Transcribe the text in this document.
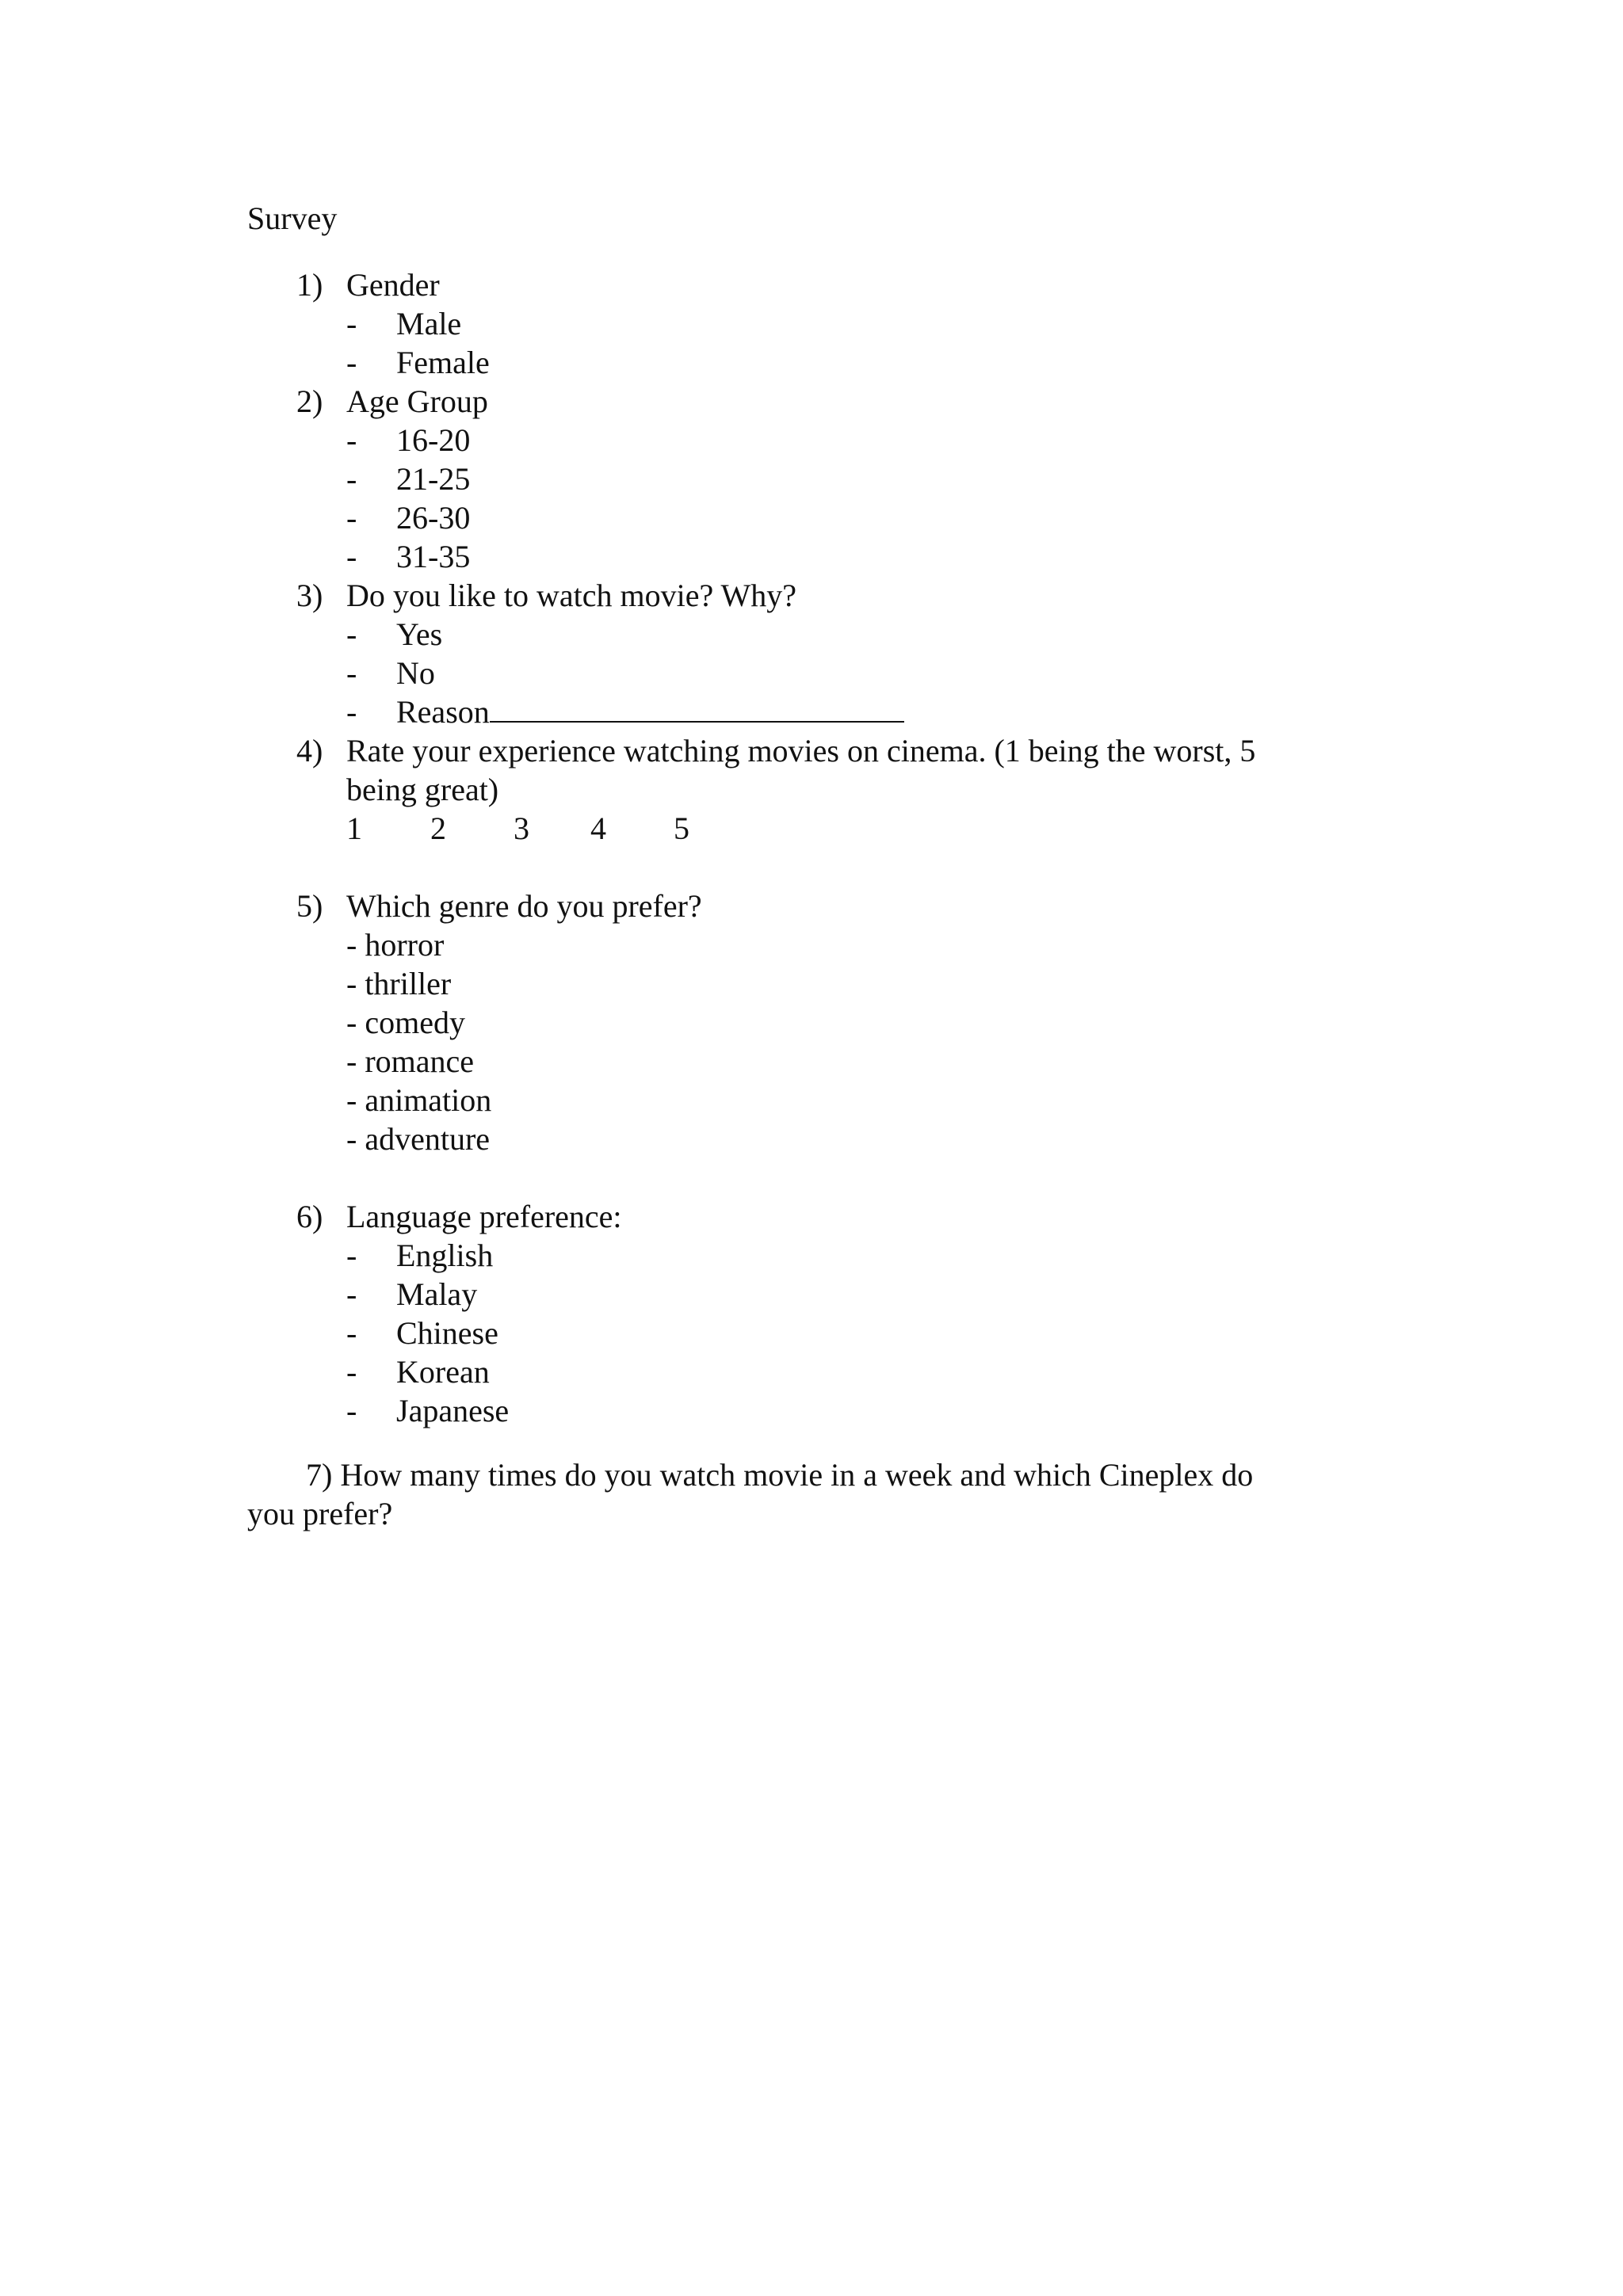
Survey
1) Gender
- Male
- Female
2) Age Group
- 16-20
- 21-25
- 26-30
- 31-35
3) Do you like to watch movie? Why?
- Yes
- No
- Reason
4) Rate your experience watching movies on cinema. (1 being the worst, 5
being great)
1 2 3 4 5
5) Which genre do you prefer?
- horror
- thriller
- comedy
- romance
- animation
- adventure
6) Language preference:
- English
- Malay
- Chinese
- Korean
- Japanese
7) How many times do you watch movie in a week and which Cineplex do
you prefer?
